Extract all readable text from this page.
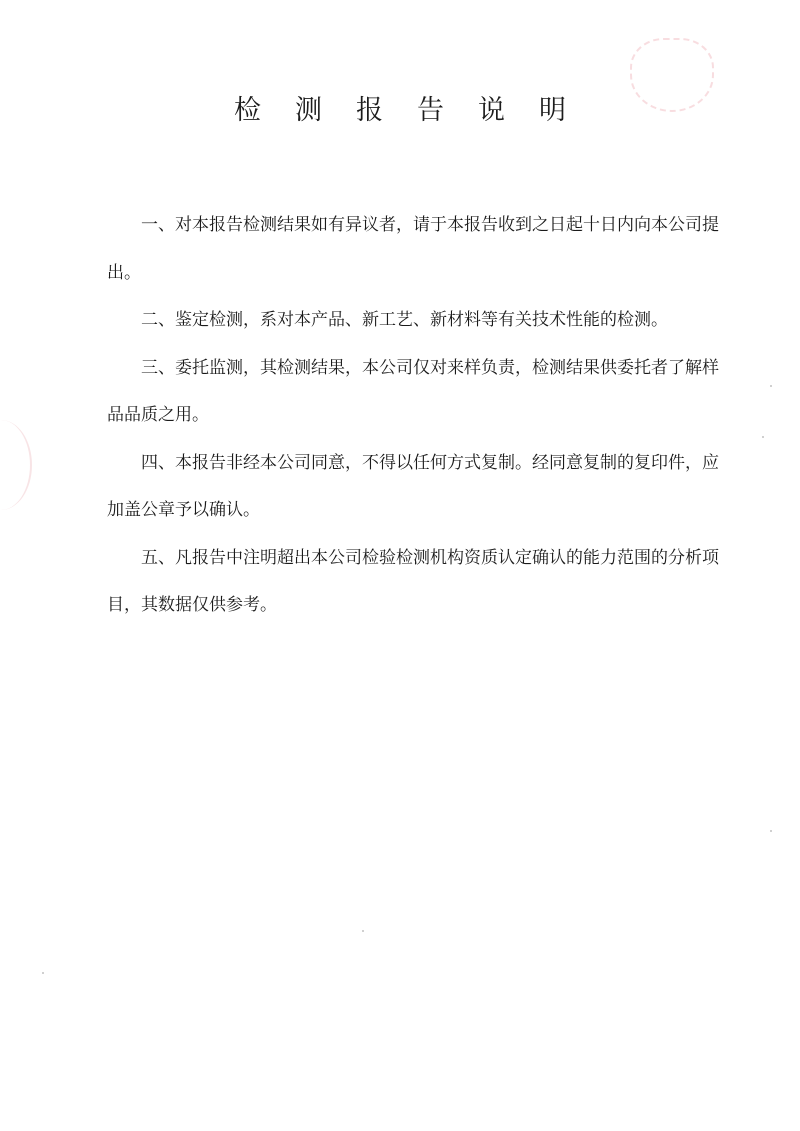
检测报告说明

一、对本报告检测结果如有异议者，请于本报告收到之日起十日内向本公司提出。

二、鉴定检测，系对本产品、新工艺、新材料等有关技术性能的检测。

三、委托监测，其检测结果，本公司仅对来样负责，检测结果供委托者了解样品品质之用。

四、本报告非经本公司同意，不得以任何方式复制。经同意复制的复印件，应加盖公章予以确认。

五、凡报告中注明超出本公司检验检测机构资质认定确认的能力范围的分析项目，其数据仅供参考。
